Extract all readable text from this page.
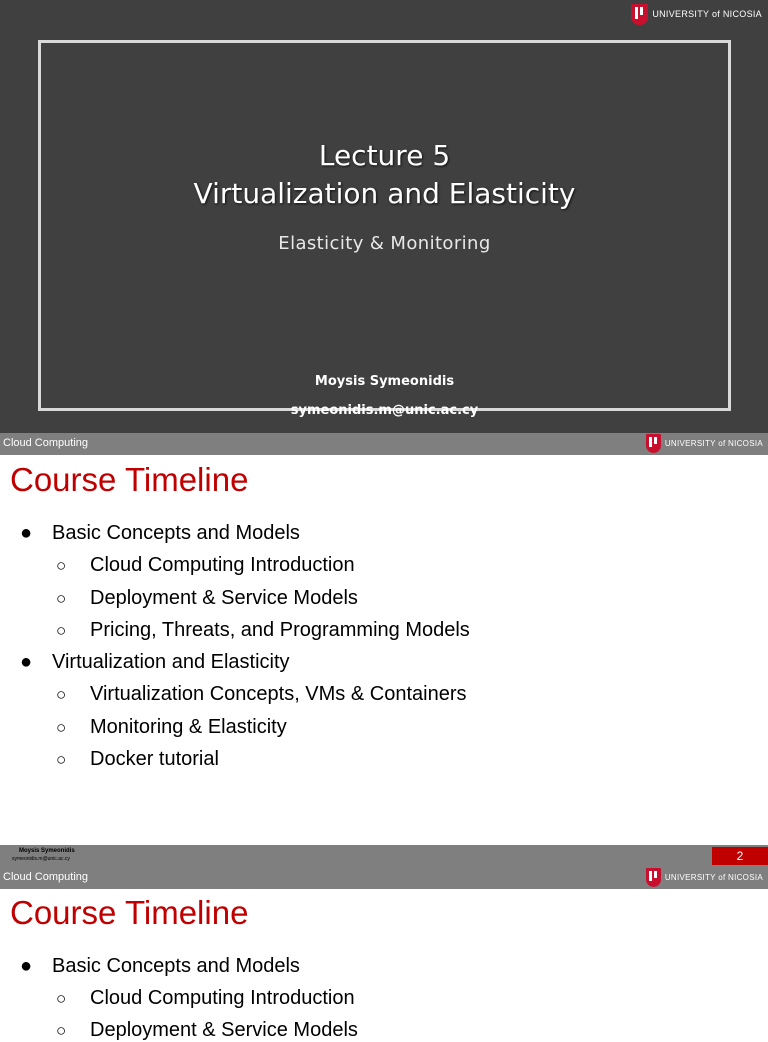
UNIVERSITY of NICOSIA
Lecture 5
Virtualization and Elasticity
Elasticity & Monitoring
Moysis Symeonidis
symeonidis.m@unic.ac.cy
Cloud Computing	UNIVERSITY of NICOSIA
Course Timeline
● Basic Concepts and Models
○ Cloud Computing Introduction
○ Deployment & Service Models
○ Pricing, Threats, and Programming Models
● Virtualization and Elasticity
○ Virtualization Concepts, VMs & Containers
○ Monitoring & Elasticity
○ Docker tutorial
Moysis Symeonidis
symeonidis.m@unic.ac.cy	2
Cloud Computing	UNIVERSITY of NICOSIA
Course Timeline
● Basic Concepts and Models
○ Cloud Computing Introduction
○ Deployment & Service Models
